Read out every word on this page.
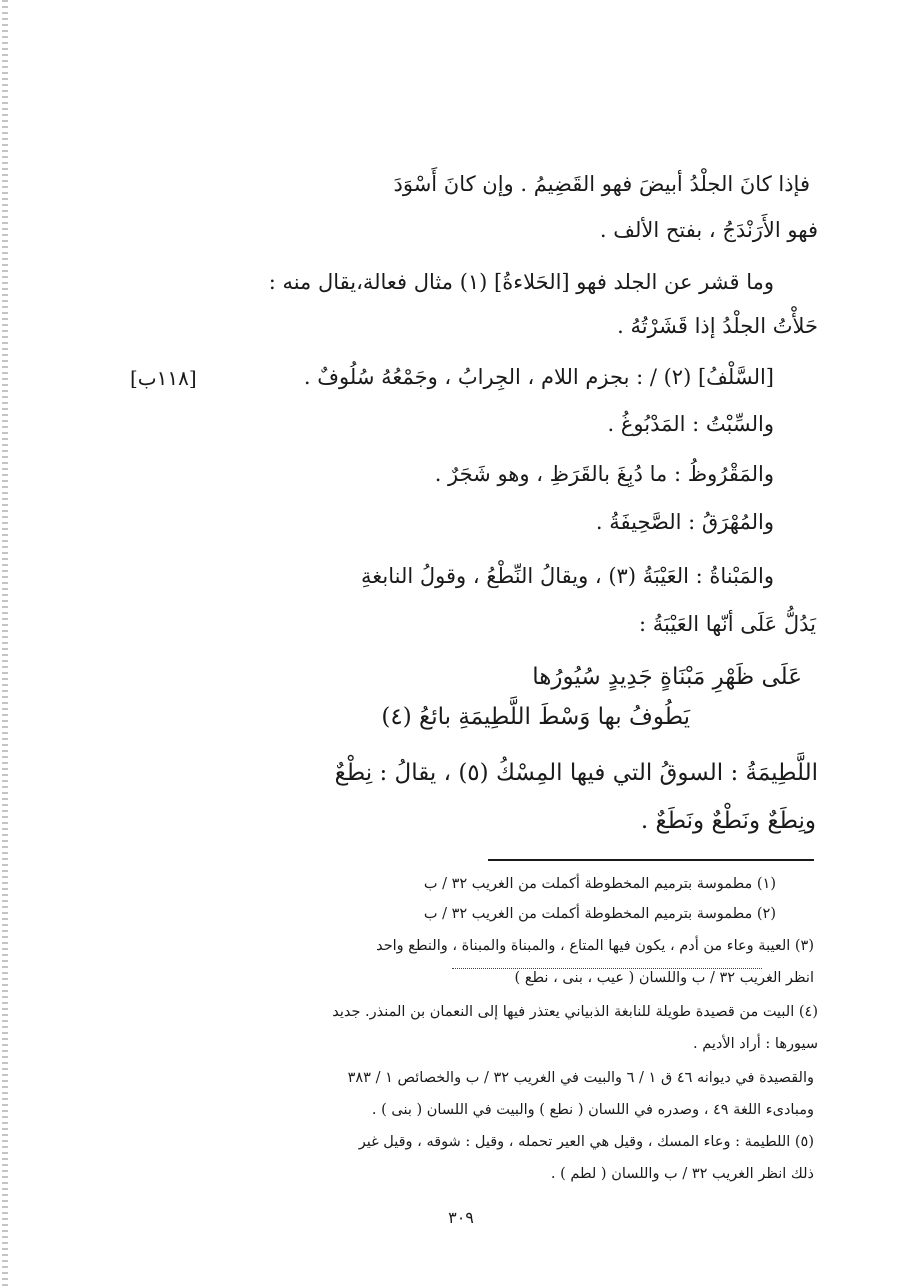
فإذا كانَ الجلْدُ أبيضَ فهو القَضِيمُ . وإن كانَ أَسْوَدَ
فهو الأَرَنْدَجُ ، بفتح الألف .
وما قشر عن الجلد فهو [الحَلاءةُ] (١) مثال فعالة،يقال منه :
حَلأْتُ الجلْدُ إذا قَشَرْتُهُ .
[١١٨ب]	[السَّلْفُ] (٢) / : بجزم اللام ، الجِرابُ ، وجَمْعُهُ سُلُوفٌ .
والسِّبْتُ : المَدْبُوغُ .
والمَقْرُوظُ : ما دُبِغَ بالقَرَظِ ، وهو شَجَرٌ .
والمُهْرَقُ : الصَّحِيفَةُ .
والمَبْناةُ : العَيْبَةُ (٣) ، ويقالُ النِّطْعُ ، وقولُ النابغةِ
يَدُلُّ عَلَى أنّها العَيْبَةُ :
عَلَى ظَهْرِ مَبْنَاةٍ جَدِيدٍ سُيُورُها
يَطُوفُ بها وَسْطَ اللَّطِيمَةِ بائعُ (٤)
اللَّطِيمَةُ : السوقُ التي فيها المِسْكُ (٥) ، يقالُ : نِطْعٌ
ونِطَعٌ ونَطْعٌ ونَطَعٌ .
(١) مطموسة بترميم المخطوطة أكملت من الغريب ٣٢ / ب
(٢) مطموسة بترميم المخطوطة أكملت من الغريب ٣٢ / ب
(٣) العيبة وعاء من أدم ، يكون فيها المتاع ، والمبناة والمبناة ، والنطع واحد
انظر الغريب ٣٢ / ب واللسان ( عيب ، بنى ، نطع )
(٤) البيت من قصيدة طويلة للنابغة الذبياني يعتذر فيها إلى النعمان بن المنذر. جديد
سيورها : أراد الأديم .
والقصيدة في ديوانه ٤٦ ق ١ / ٦ والبيت في الغريب ٣٢ / ب والخصائص ١ / ٣٨٣
ومبادىء اللغة ٤٩ ، وصدره في اللسان ( نطع ) والبيت في اللسان ( بنى ) .
(٥) اللطيمة : وعاء المسك ، وقيل هي العير تحمله ، وقيل : شوقه ، وقيل غير
ذلك انظر الغريب ٣٢ / ب واللسان ( لطم ) .
٣٠٩
